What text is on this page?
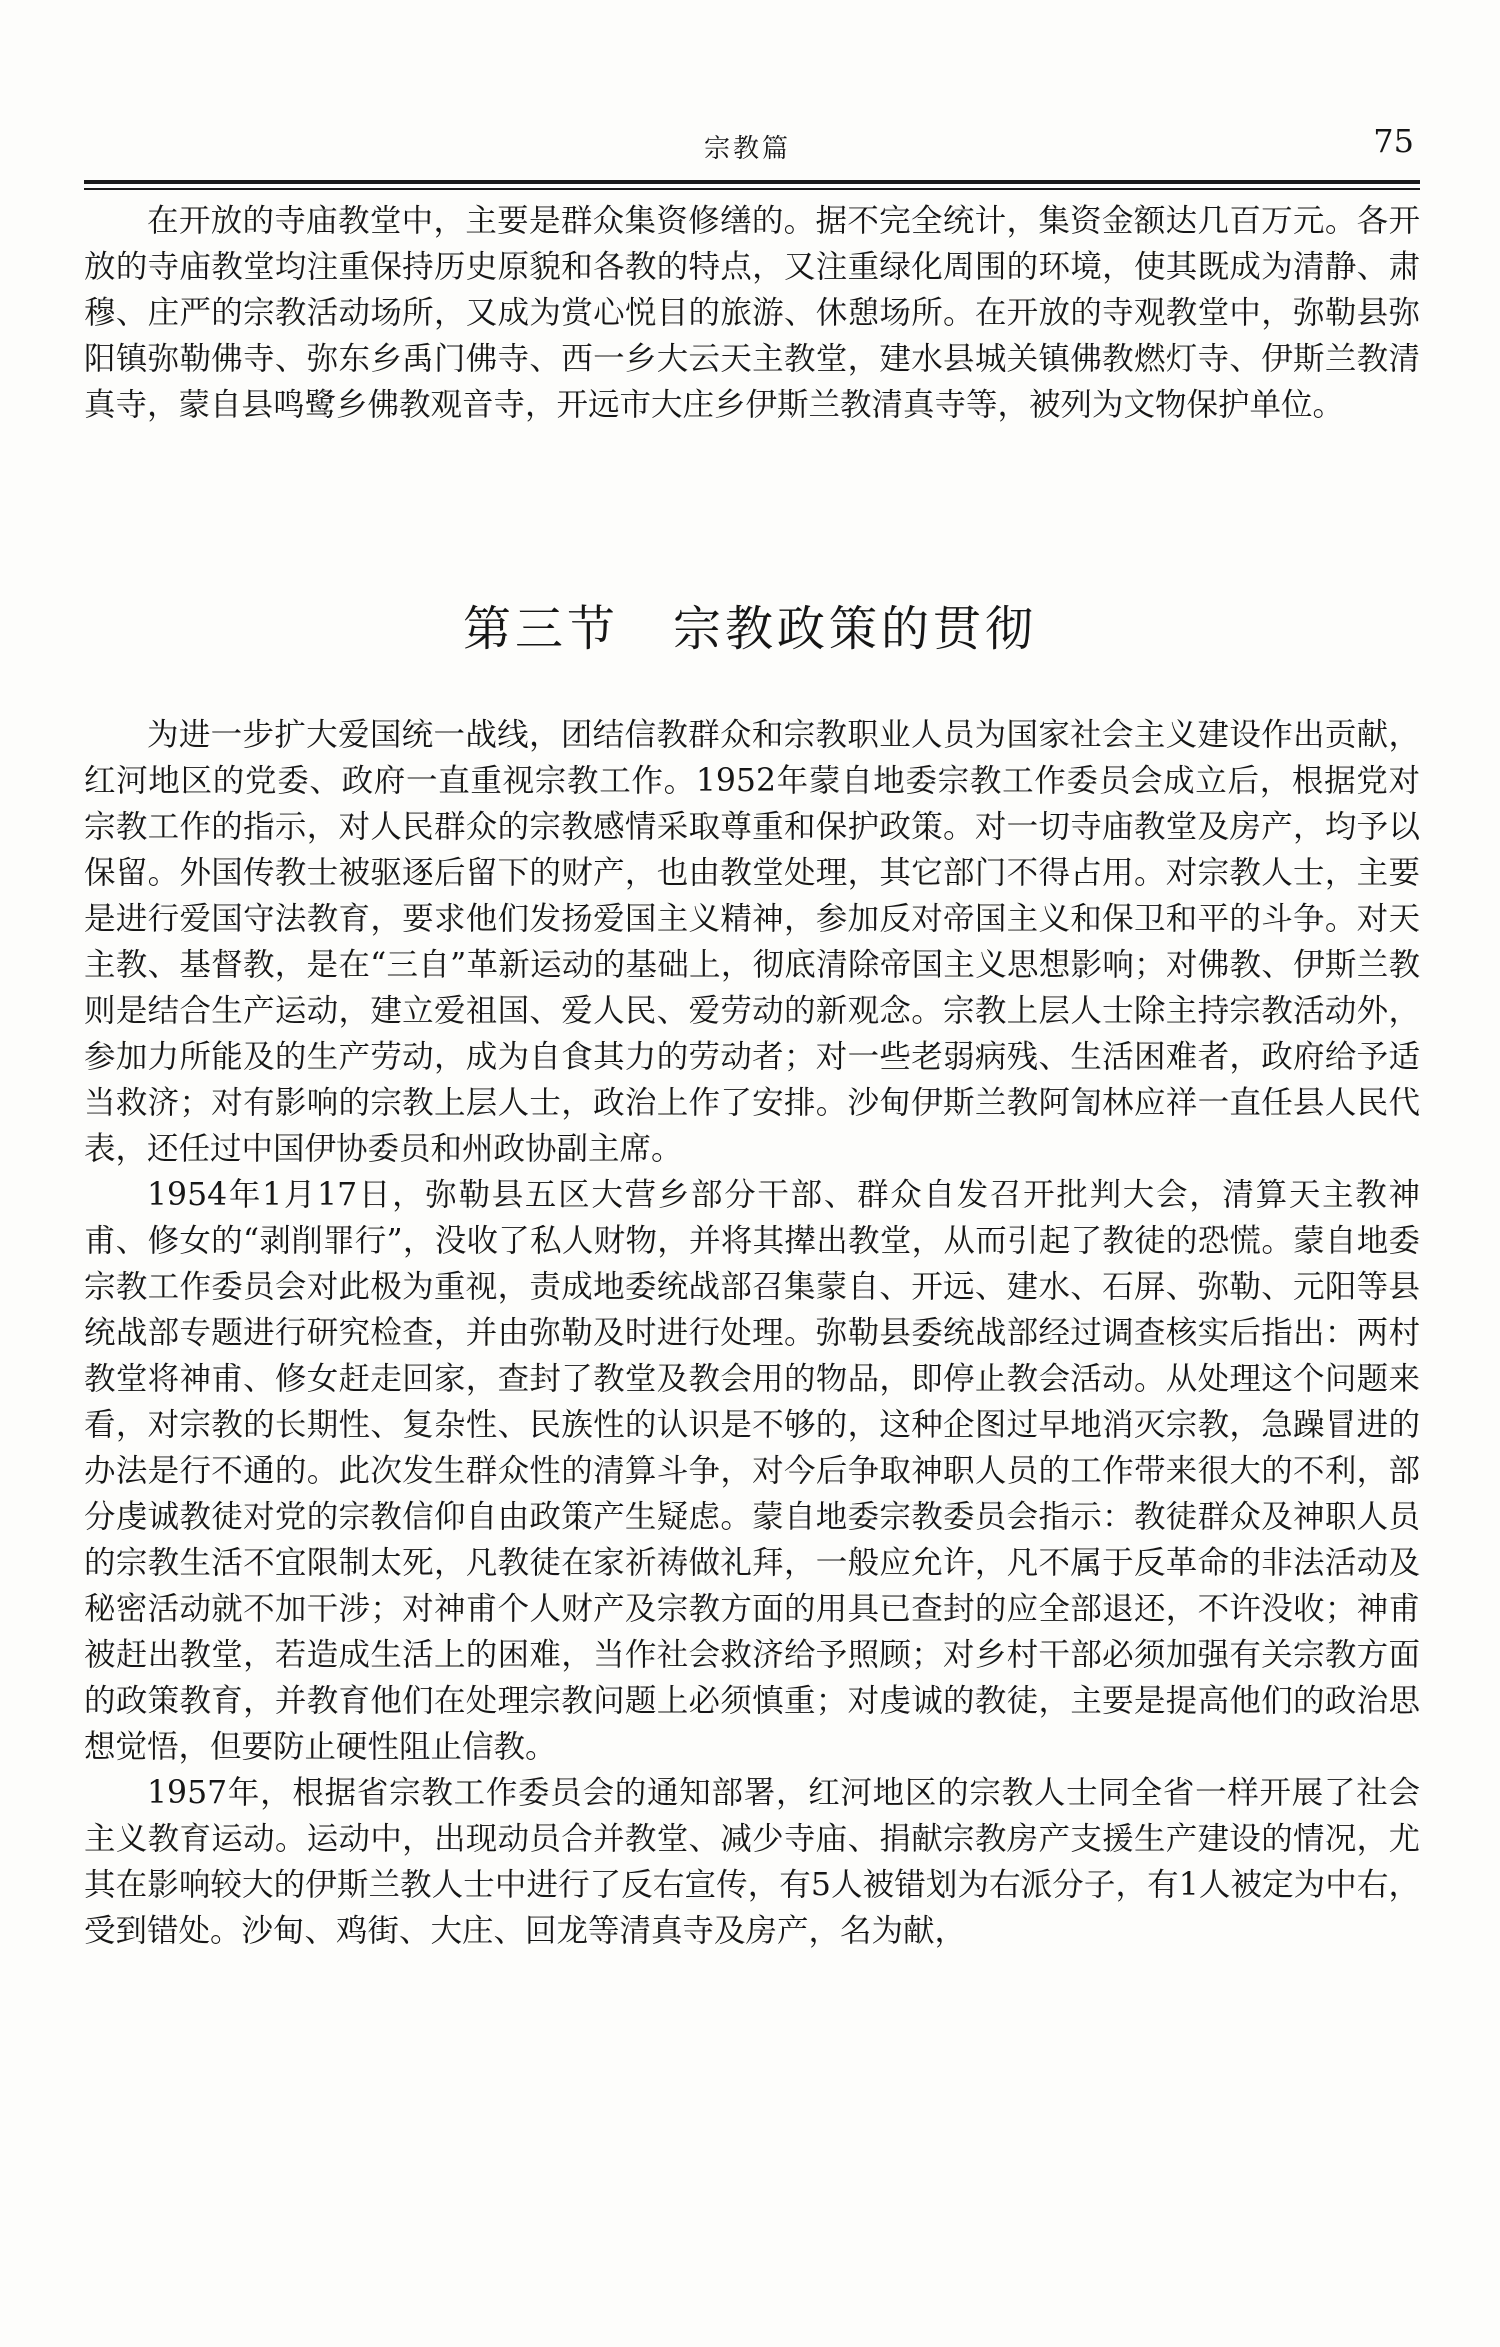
宗教篇	75

在开放的寺庙教堂中，主要是群众集资修缮的。据不完全统计，集资金额达几百万元。各开放的寺庙教堂均注重保持历史原貌和各教的特点，又注重绿化周围的环境，使其既成为清静、肃穆、庄严的宗教活动场所，又成为赏心悦目的旅游、休憩场所。在开放的寺观教堂中，弥勒县弥阳镇弥勒佛寺、弥东乡禹门佛寺、西一乡大云天主教堂，建水县城关镇佛教燃灯寺、伊斯兰教清真寺，蒙自县鸣鹭乡佛教观音寺，开远市大庄乡伊斯兰教清真寺等，被列为文物保护单位。

第三节 宗教政策的贯彻

为进一步扩大爱国统一战线，团结信教群众和宗教职业人员为国家社会主义建设作出贡献，红河地区的党委、政府一直重视宗教工作。1952年蒙自地委宗教工作委员会成立后，根据党对宗教工作的指示，对人民群众的宗教感情采取尊重和保护政策。对一切寺庙教堂及房产，均予以保留。外国传教士被驱逐后留下的财产，也由教堂处理，其它部门不得占用。对宗教人士，主要是进行爱国守法教育，要求他们发扬爱国主义精神，参加反对帝国主义和保卫和平的斗争。对天主教、基督教，是在“三自”革新运动的基础上，彻底清除帝国主义思想影响；对佛教、伊斯兰教则是结合生产运动，建立爱祖国、爱人民、爱劳动的新观念。宗教上层人士除主持宗教活动外，参加力所能及的生产劳动，成为自食其力的劳动者；对一些老弱病残、生活困难者，政府给予适当救济；对有影响的宗教上层人士，政治上作了安排。沙甸伊斯兰教阿訇林应祥一直任县人民代表，还任过中国伊协委员和州政协副主席。

1954年1月17日，弥勒县五区大营乡部分干部、群众自发召开批判大会，清算天主教神甫、修女的“剥削罪行”，没收了私人财物，并将其撵出教堂，从而引起了教徒的恐慌。蒙自地委宗教工作委员会对此极为重视，责成地委统战部召集蒙自、开远、建水、石屏、弥勒、元阳等县统战部专题进行研究检查，并由弥勒及时进行处理。弥勒县委统战部经过调查核实后指出：两村教堂将神甫、修女赶走回家，查封了教堂及教会用的物品，即停止教会活动。从处理这个问题来看，对宗教的长期性、复杂性、民族性的认识是不够的，这种企图过早地消灭宗教，急躁冒进的办法是行不通的。此次发生群众性的清算斗争，对今后争取神职人员的工作带来很大的不利，部分虔诚教徒对党的宗教信仰自由政策产生疑虑。蒙自地委宗教委员会指示：教徒群众及神职人员的宗教生活不宜限制太死，凡教徒在家祈祷做礼拜，一般应允许，凡不属于反革命的非法活动及秘密活动就不加干涉；对神甫个人财产及宗教方面的用具已查封的应全部退还，不许没收；神甫被赶出教堂，若造成生活上的困难，当作社会救济给予照顾；对乡村干部必须加强有关宗教方面的政策教育，并教育他们在处理宗教问题上必须慎重；对虔诚的教徒，主要是提高他们的政治思想觉悟，但要防止硬性阻止信教。

1957年，根据省宗教工作委员会的通知部署，红河地区的宗教人士同全省一样开展了社会主义教育运动。运动中，出现动员合并教堂、减少寺庙、捐献宗教房产支援生产建设的情况，尤其在影响较大的伊斯兰教人士中进行了反右宣传，有5人被错划为右派分子，有1人被定为中右，受到错处。沙甸、鸡街、大庄、回龙等清真寺及房产，名为献，
